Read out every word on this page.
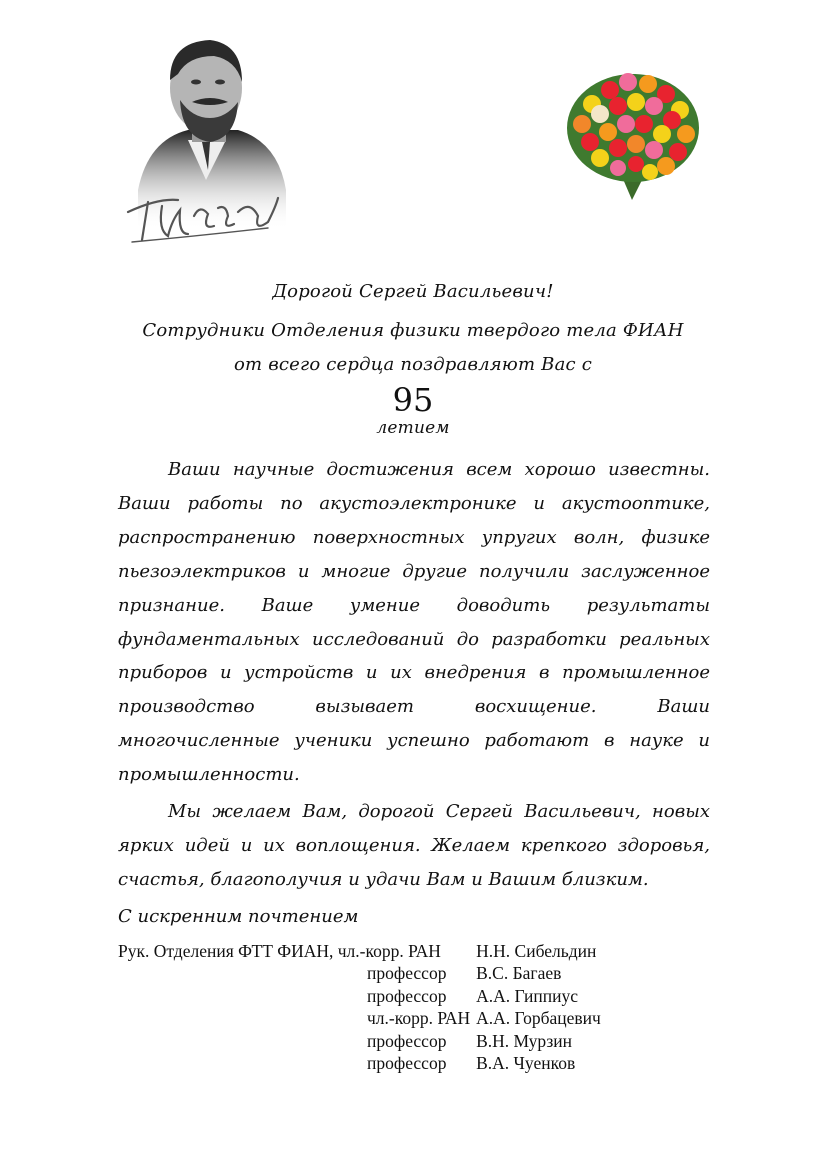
Дорогой Сергей Васильевич!
Сотрудники Отделения физики твердого тела ФИАН
от всего сердца поздравляют Вас с
95
летием
Ваши научные достижения всем хорошо известны. Ваши работы по акустоэлектронике и акустооптике, распространению поверхностных упругих волн, физике пьезоэлектриков и многие другие получили заслуженное признание. Ваше умение доводить результаты фундаментальных исследований до разработки реальных приборов и устройств и их внедрения в промышленное производство вызывает восхищение. Ваши многочисленные ученики успешно работают в науке и промышленности.
Мы желаем Вам, дорогой Сергей Васильевич, новых ярких идей и их воплощения. Желаем крепкого здоровья, счастья, благополучия и удачи Вам и Вашим близким.
С искренним почтением
Рук. Отделения ФТТ ФИАН, чл.-корр. РАН	Н.Н. Сибельдин
профессор	В.С. Багаев
профессор	А.А. Гиппиус
чл.-корр. РАН	А.А. Горбацевич
профессор	В.Н. Мурзин
профессор	В.А. Чуенков
